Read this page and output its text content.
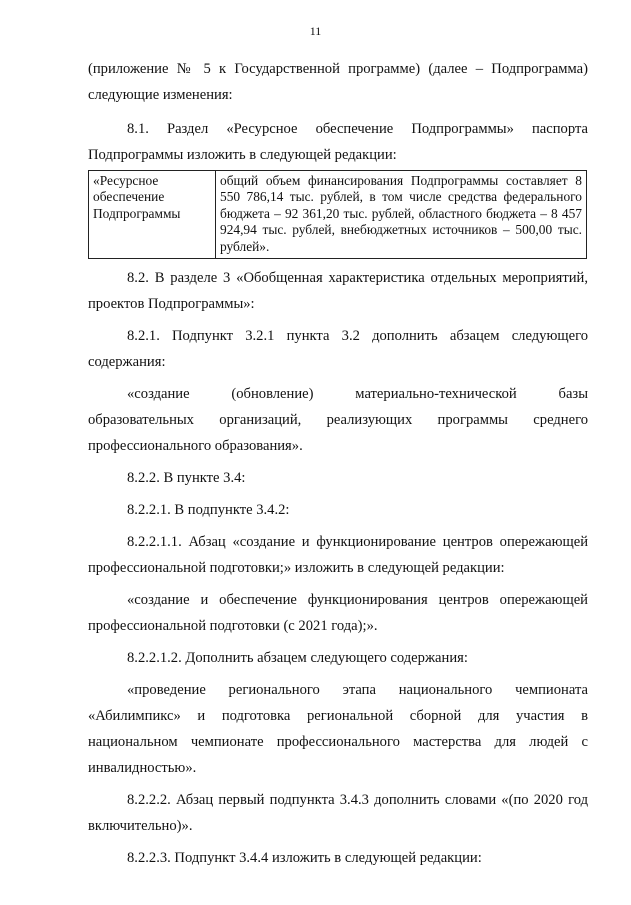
11

(приложение № 5 к Государственной программе) (далее – Подпрограмма)

следующие изменения:

8.1. Раздел «Ресурсное обеспечение Подпрограммы» паспорта

Подпрограммы изложить в следующей редакции:

«Ресурсное
обеспечение
Подпрограммы
	общий объем финансирования Подпрограммы составляет 8 550 786,14 тыс. рублей, в том числе средства федерального бюджета – 92 361,20 тыс. рублей, областного бюджета – 8 457 924,94 тыс. рублей, внебюджетных источников – 500,00 тыс. рублей».

8.2. В разделе 3 «Обобщенная характеристика отдельных мероприятий,

проектов Подпрограммы»:

8.2.1. Подпункт 3.2.1 пункта 3.2 дополнить абзацем следующего

содержания:

«создание (обновление) материально-технической базы

образовательных организаций, реализующих программы среднего

профессионального образования».

8.2.2. В пункте 3.4:

8.2.2.1. В подпункте 3.4.2:

8.2.2.1.1. Абзац «создание и функционирование центров опережающей

профессиональной подготовки;» изложить в следующей редакции:

«создание и обеспечение функционирования центров опережающей

профессиональной подготовки (с 2021 года);».

8.2.2.1.2. Дополнить абзацем следующего содержания:

«проведение регионального этапа национального чемпионата

«Абилимпикс» и подготовка региональной сборной для участия в

национальном чемпионате профессионального мастерства для людей с

инвалидностью».

8.2.2.2. Абзац первый подпункта 3.4.3 дополнить словами «(по 2020 год

включительно)».

8.2.2.3. Подпункт 3.4.4 изложить в следующей редакции:
